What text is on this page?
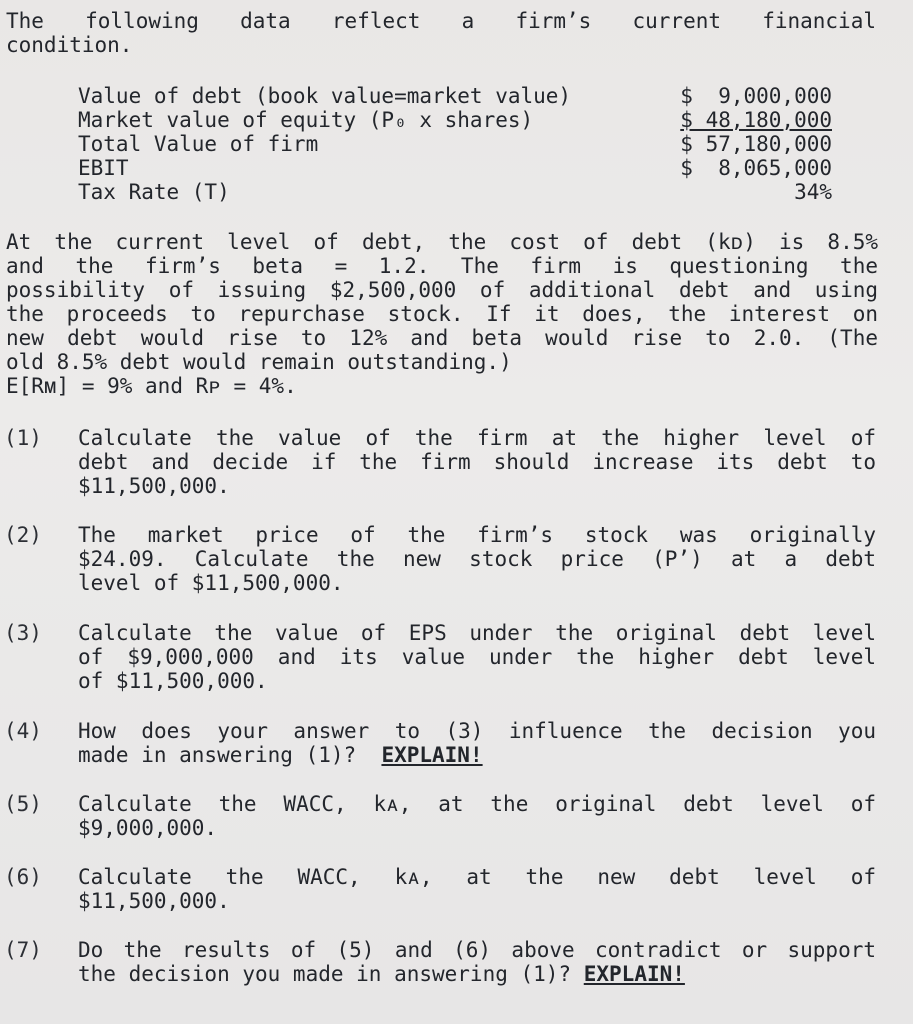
The following data reflect a firm’s current financial
condition.
Value of debt (book value=market value)	$  9,000,000
Market value of equity (P₀ x shares)	$ 48,180,000
Total Value of firm	$ 57,180,000
EBIT	$  8,065,000
Tax Rate (T)	34%
At the current level of debt, the cost of debt (kᴅ) is 8.5%
and the firm’s beta = 1.2. The firm is questioning the
possibility of issuing $2,500,000 of additional debt and using
the proceeds to repurchase stock. If it does, the interest on
new debt would rise to 12% and beta would rise to 2.0. (The
old 8.5% debt would remain outstanding.)
E[Rᴍ] = 9% and Rᴘ = 4%.
(1)	Calculate the value of the firm at the higher level of
debt and decide if the firm should increase its debt to
$11,500,000.
(2)	The market price of the firm’s stock was originally
$24.09. Calculate the new stock price (P’) at a debt
level of $11,500,000.
(3)	Calculate the value of EPS under the original debt level
of $9,000,000 and its value under the higher debt level
of $11,500,000.
(4)	How does your answer to (3) influence the decision you
made in answering (1)? EXPLAIN!
(5)	Calculate the WACC, kᴀ, at the original debt level of
$9,000,000.
(6)	Calculate the WACC, kᴀ, at the new debt level of
$11,500,000.
(7)	Do the results of (5) and (6) above contradict or support
the decision you made in answering (1)? EXPLAIN!
